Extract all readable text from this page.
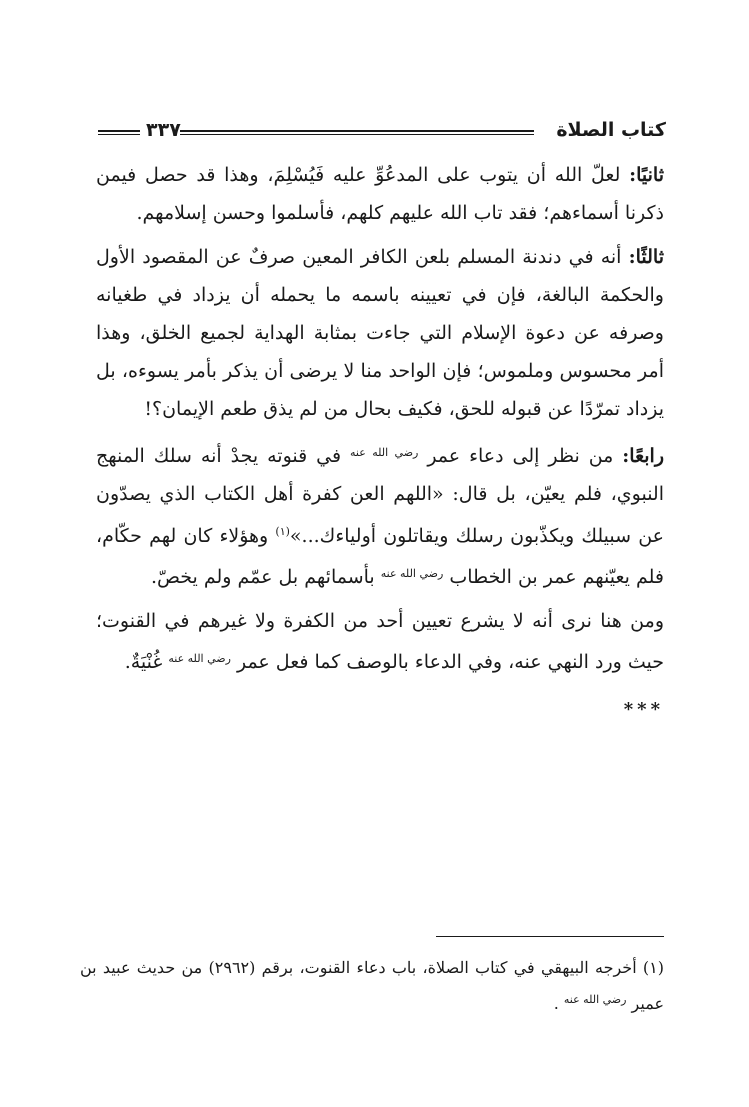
كتاب الصلاة
٣٣٧

ثانيًا: لعلّ الله أن يتوب على المدعُوِّ عليه فَيُسْلِمَ، وهذا قد حصل فيمن ذكرنا أسماءهم؛ فقد تاب الله عليهم كلهم، فأسلموا وحسن إسلامهم.

ثالثًا: أنه في دندنة المسلم بلعن الكافر المعين صرفٌ عن المقصود الأول والحكمة البالغة، فإن في تعيينه باسمه ما يحمله أن يزداد في طغيانه وصرفه عن دعوة الإسلام التي جاءت بمثابة الهداية لجميع الخلق، وهذا أمر محسوس وملموس؛ فإن الواحد منا لا يرضى أن يذكر بأمر يسوءه، بل يزداد تمرّدًا عن قبوله للحق، فكيف بحال من لم يذق طعم الإيمان؟!

رابعًا: من نظر إلى دعاء عمر $^{رضي الله عنه}$ في قنوته يجدْ أنه سلك المنهج النبوي، فلم يعيّن، بل قال: «اللهم العن كفرة أهل الكتاب الذي يصدّون عن سبيلك ويكذّبون رسلك ويقاتلون أولياءك...»$^{(١)}$ وهؤلاء كان لهم حكّام، فلم يعيّنهم عمر بن الخطاب $^{رضي الله عنه}$ بأسمائهم بل عمّم ولم يخصّ.

ومن هنا نرى أنه لا يشرع تعيين أحد من الكفرة ولا غيرهم في القنوت؛ حيث ورد النهي عنه، وفي الدعاء بالوصف كما فعل عمر $^{رضي الله عنه}$ غُنْيَةٌ.

***
(١) أخرجه البيهقي في كتاب الصلاة، باب دعاء القنوت، برقم (٢٩٦٢) من حديث عبيد بن عمير $^{رضي الله عنه}$ .
